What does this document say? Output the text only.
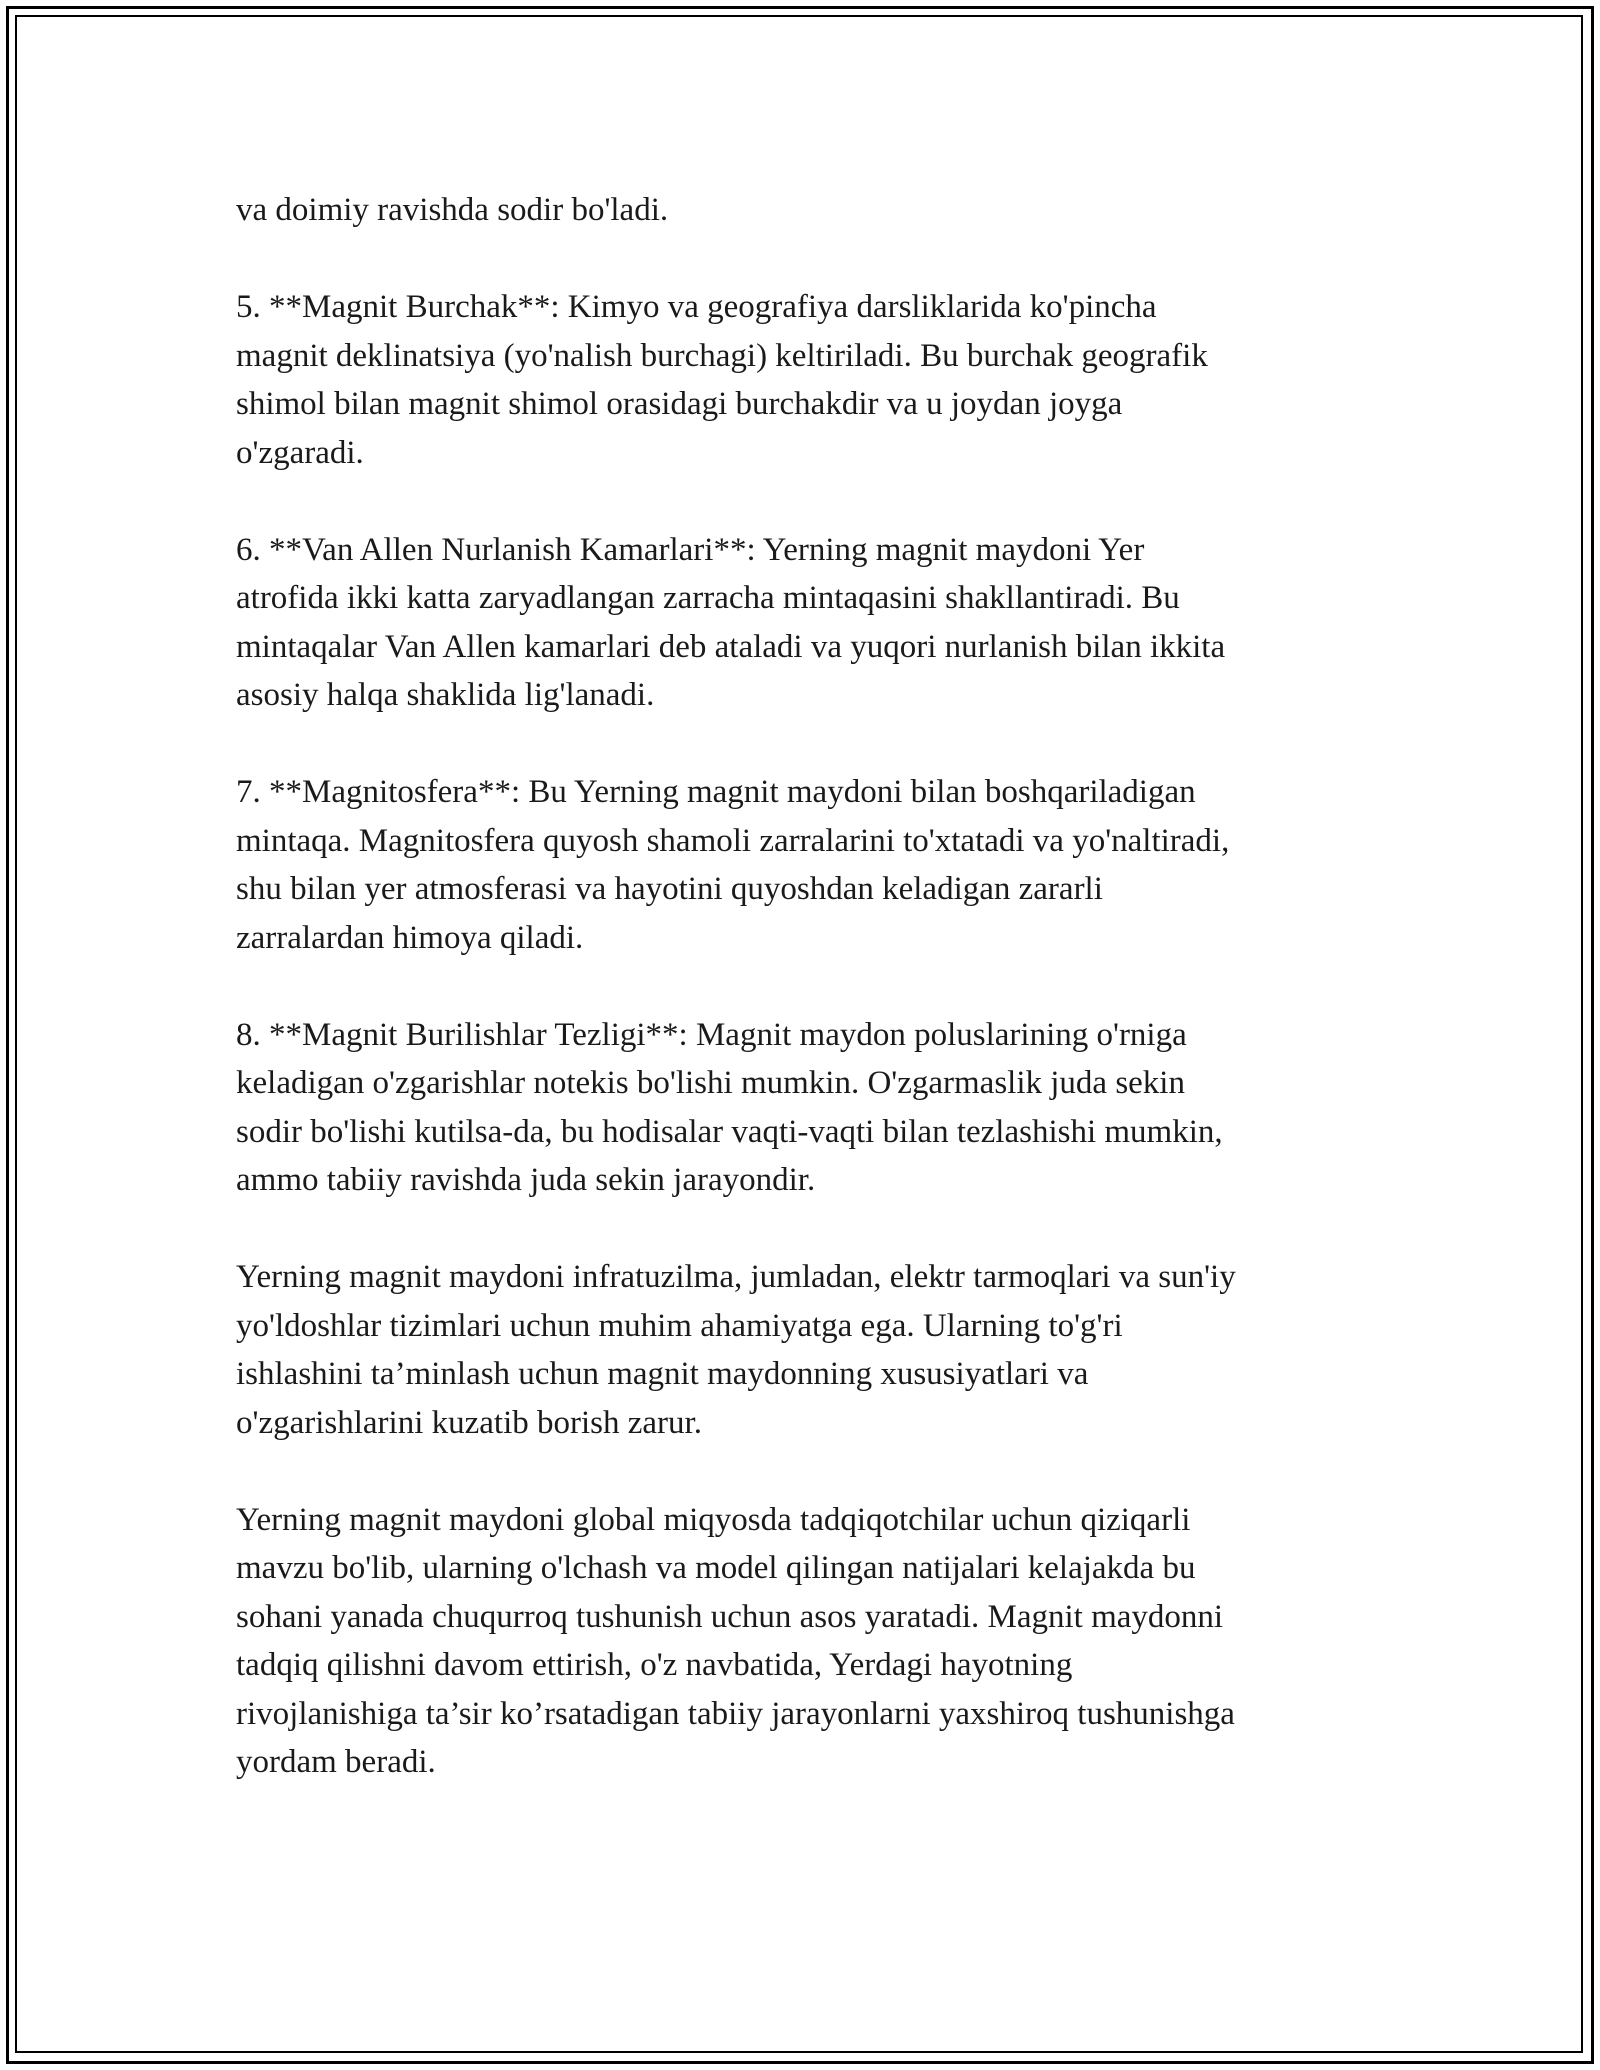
va doimiy ravishda sodir bo'ladi.

5. **Magnit Burchak**: Kimyo va geografiya darsliklarida ko'pincha
magnit deklinatsiya (yo'nalish burchagi) keltiriladi. Bu burchak geografik
shimol bilan magnit shimol orasidagi burchakdir va u joydan joyga
o'zgaradi.

6. **Van Allen Nurlanish Kamarlari**: Yerning magnit maydoni Yer
atrofida ikki katta zaryadlangan zarracha mintaqasini shakllantiradi. Bu
mintaqalar Van Allen kamarlari deb ataladi va yuqori nurlanish bilan ikkita
asosiy halqa shaklida lig'lanadi.

7. **Magnitosfera**: Bu Yerning magnit maydoni bilan boshqariladigan
mintaqa. Magnitosfera quyosh shamoli zarralarini to'xtatadi va yo'naltiradi,
shu bilan yer atmosferasi va hayotini quyoshdan keladigan zararli
zarralardan himoya qiladi.

8. **Magnit Burilishlar Tezligi**: Magnit maydon poluslarining o'rniga
keladigan o'zgarishlar notekis bo'lishi mumkin. O'zgarmaslik juda sekin
sodir bo'lishi kutilsa-da, bu hodisalar vaqti-vaqti bilan tezlashishi mumkin,
ammo tabiiy ravishda juda sekin jarayondir.

Yerning magnit maydoni infratuzilma, jumladan, elektr tarmoqlari va sun'iy
yo'ldoshlar tizimlari uchun muhim ahamiyatga ega. Ularning to'g'ri
ishlashini ta’minlash uchun magnit maydonning xususiyatlari va
o'zgarishlarini kuzatib borish zarur.

Yerning magnit maydoni global miqyosda tadqiqotchilar uchun qiziqarli
mavzu bo'lib, ularning o'lchash va model qilingan natijalari kelajakda bu
sohani yanada chuqurroq tushunish uchun asos yaratadi. Magnit maydonni
tadqiq qilishni davom ettirish, o'z navbatida, Yerdagi hayotning
rivojlanishiga ta’sir ko’rsatadigan tabiiy jarayonlarni yaxshiroq tushunishga
yordam beradi.
